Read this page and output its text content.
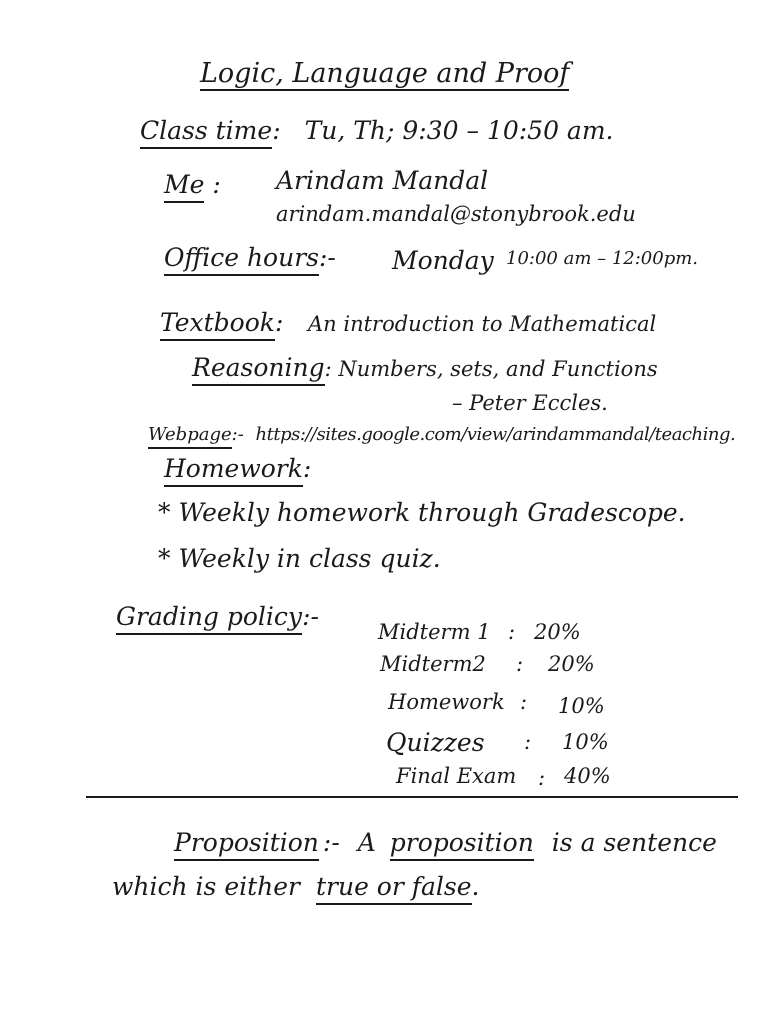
Logic, Language and Proof
Class time: Tu, Th; 9:30 – 10:50 am.
Me : Arindam Mandal
arindam.mandal@stonybrook.edu
Office hours:- Monday 10:00 am – 12:00pm.
Textbook: An introduction to Mathematical
Reasoning: Numbers, sets, and Functions
– Peter Eccles.
Webpage:- https://sites.google.com/view/arindammandal/teaching.
Homework:
* Weekly homework through Gradescope.
* Weekly in class quiz.
Grading policy:-
Midterm 1 : 20%
Midterm2 : 20%
Homework : 10%
Quizzes : 10%
Final Exam : 40%
Proposition :- A proposition is a sentence
which is either true or false.
